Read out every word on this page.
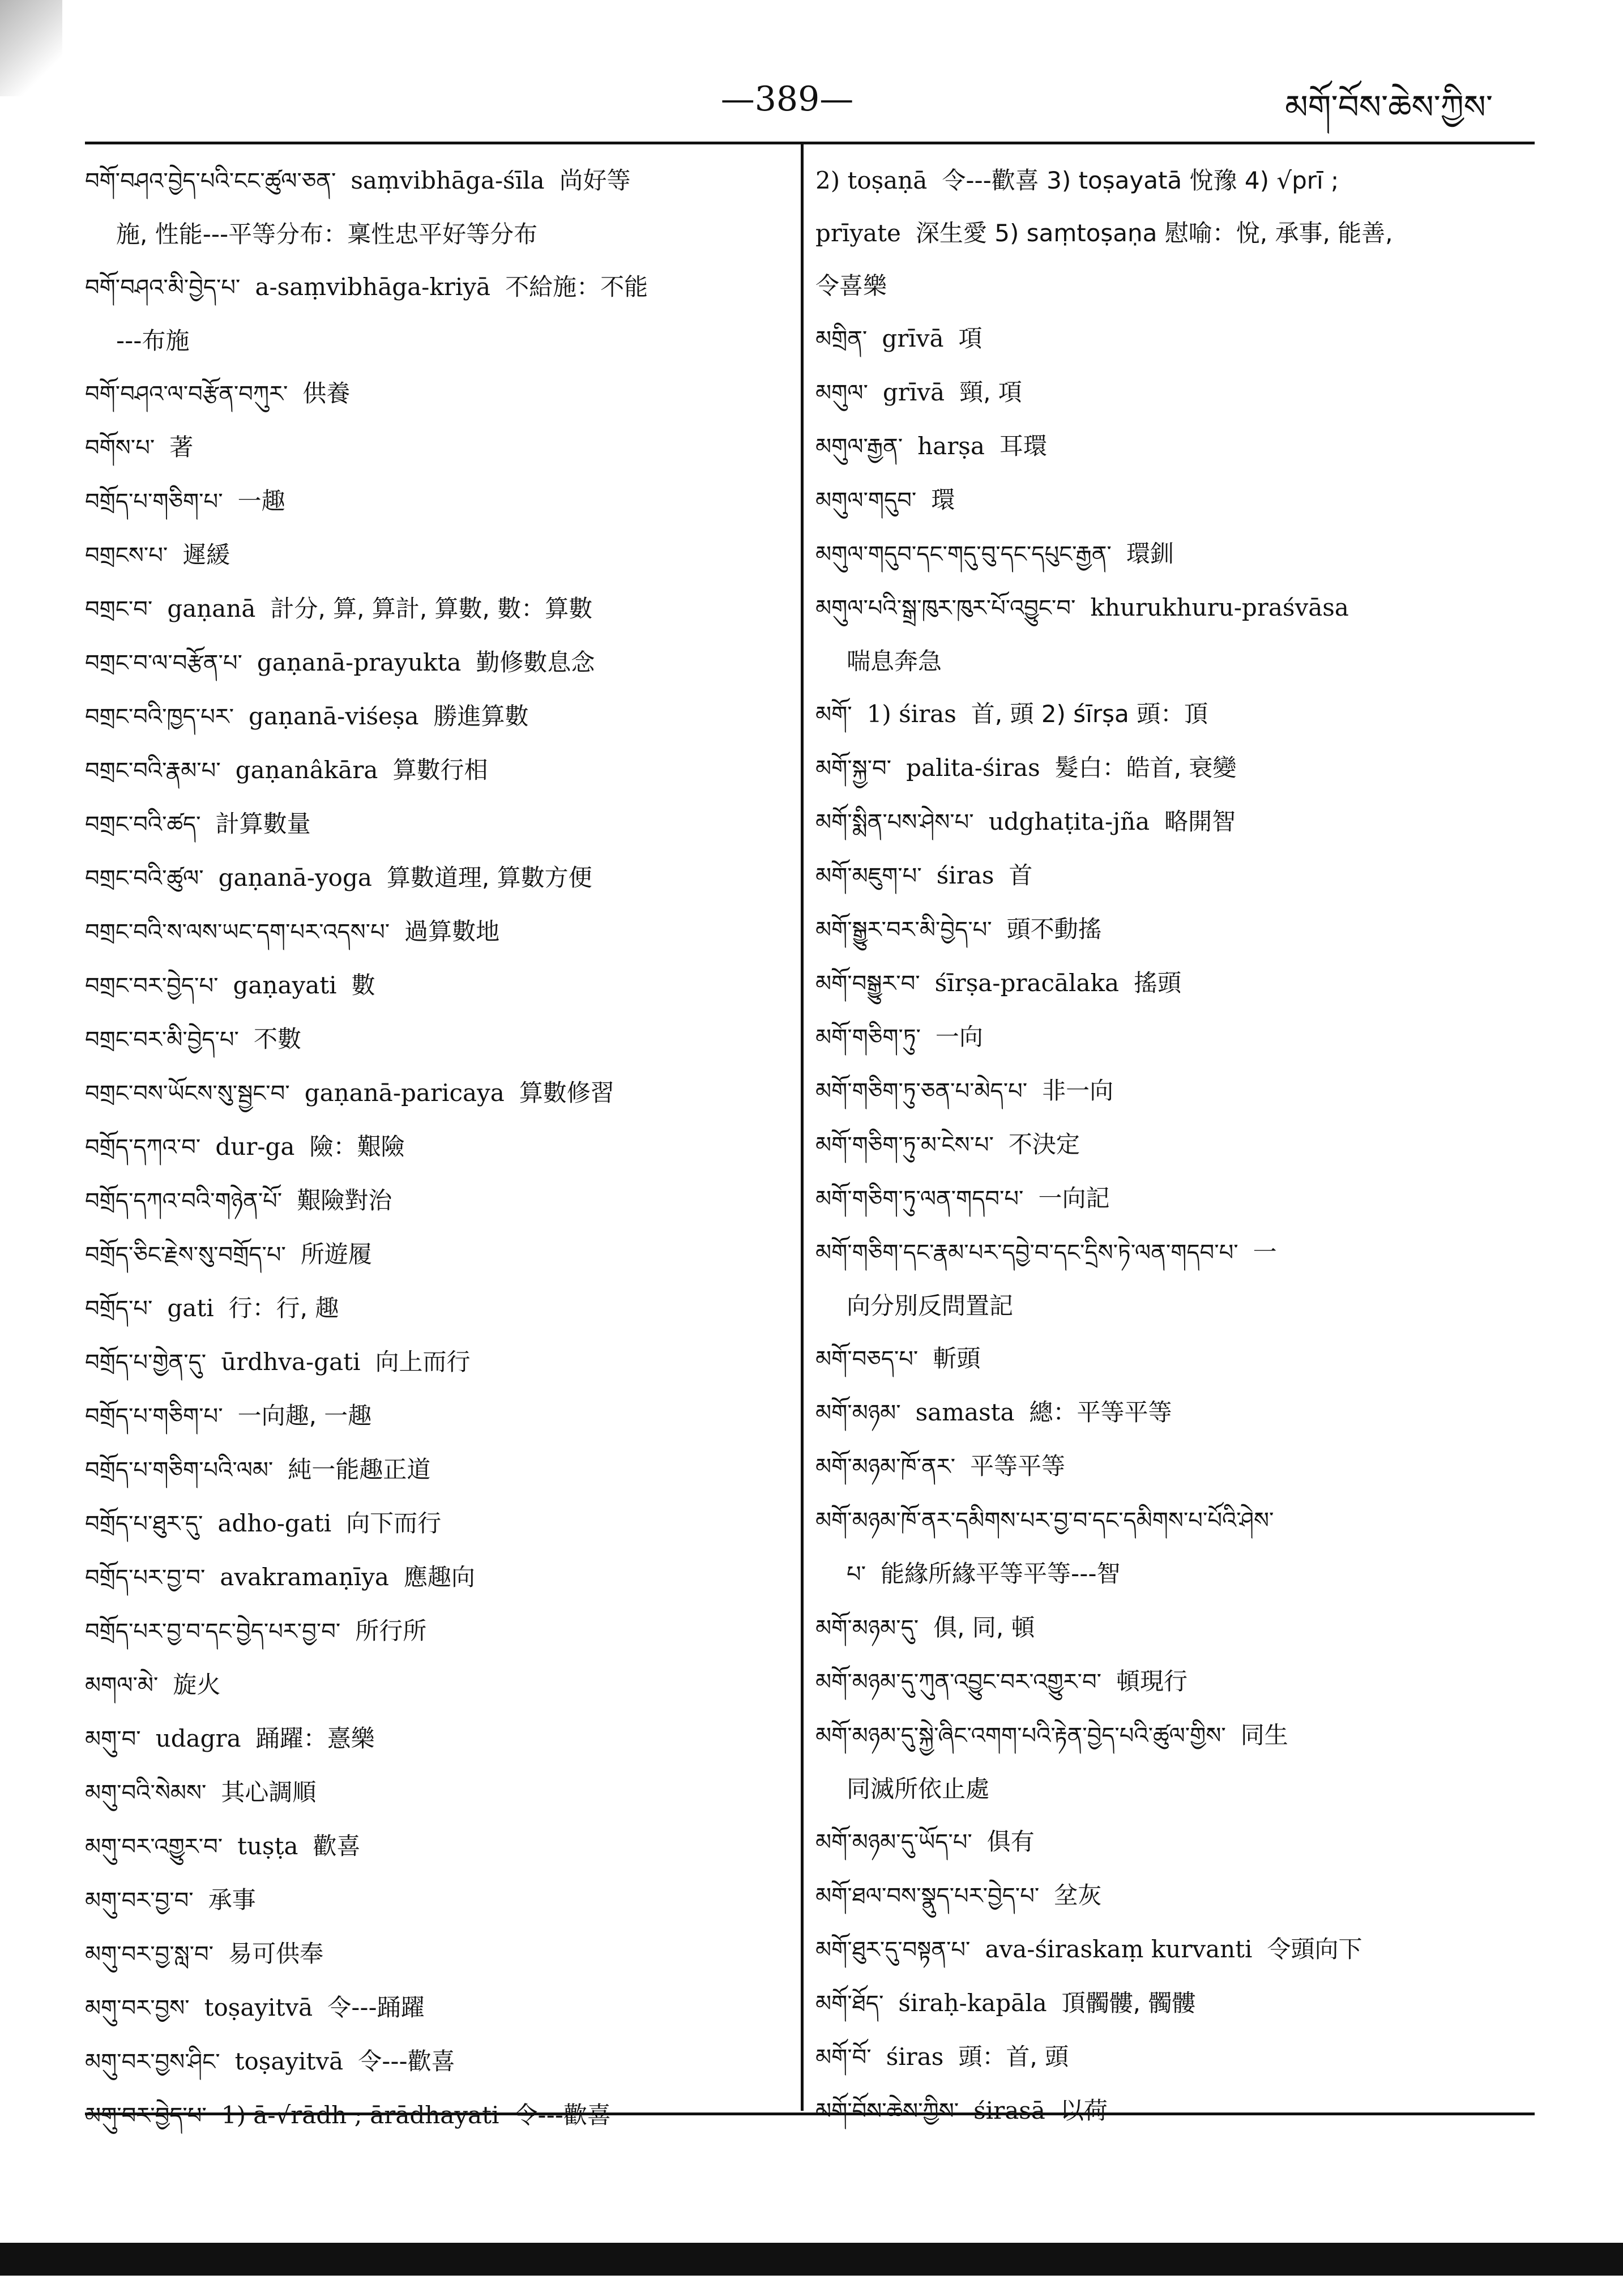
—389—	མགོ་བོས་ཆེས་ཀྱིས་
བགོ་བཤའ་བྱེད་པའི་ངང་ཚུལ་ཅན་ saṃvibhāga-śīla 尚好等
施, 性能---平等分布：稟性忠平好等分布
བགོ་བཤའ་མི་བྱེད་པ་ a-saṃvibhāga-kriyā 不給施：不能
---布施
བགོ་བཤའ་ལ་བརྩོན་བཀུར་ 供養
བགོས་པ་ 著
བགྲོད་པ་གཅིག་པ་ 一趣
བགྲངས་པ་ 遲緩
བགྲང་བ་ gaṇanā 計分, 算, 算計, 算數, 數：算數
བགྲང་བ་ལ་བརྩོན་པ་ gaṇanā-prayukta 勤修數息念
བགྲང་བའི་ཁྱད་པར་ gaṇanā-viśeṣa 勝進算數
བགྲང་བའི་རྣམ་པ་ gaṇanâkāra 算數行相
བགྲང་བའི་ཚད་ 計算數量
བགྲང་བའི་ཚུལ་ gaṇanā-yoga 算數道理, 算數方便
བགྲང་བའི་ས་ལས་ཡང་དག་པར་འདས་པ་ 過算數地
བགྲང་བར་བྱེད་པ་ gaṇayati 數
བགྲང་བར་མི་བྱེད་པ་ 不數
བགྲང་བས་ཡོངས་སུ་སྦྱང་བ་ gaṇanā-paricaya 算數修習
བགྲོད་དཀའ་བ་ dur-ga 險：艱險
བགྲོད་དཀའ་བའི་གཉེན་པོ་ 艱險對治
བགྲོད་ཅིང་རྗེས་སུ་བགྲོད་པ་ 所遊履
བགྲོད་པ་ gati 行：行, 趣
བགྲོད་པ་གྱེན་དུ་ ūrdhva-gati 向上而行
བགྲོད་པ་གཅིག་པ་ 一向趣, 一趣
བགྲོད་པ་གཅིག་པའི་ལམ་ 純一能趣正道
བགྲོད་པ་ཐུར་དུ་ adho-gati 向下而行
བགྲོད་པར་བྱ་བ་ avakramaṇīya 應趣向
བགྲོད་པར་བྱ་བ་དང་བྱེད་པར་བྱ་བ་ 所行所
མགལ་མེ་ 旋火
མགུ་བ་ udagra 踊躍：憙樂
མགུ་བའི་སེམས་ 其心調順
མགུ་བར་འགྱུར་བ་ tuṣṭa 歡喜
མགུ་བར་བྱ་བ་ 承事
མགུ་བར་བྱ་སླ་བ་ 易可供奉
མགུ་བར་བྱས་ toṣayitvā 令---踊躍
མགུ་བར་བྱས་ཤིང་ toṣayitvā 令---歡喜
མགུ་བར་བྱེད་པ་ 1) ā-√rādh ; ārādhayati 令---歡喜
2) toṣaṇā 令---歡喜 3) toṣayatā 悅豫 4) √prī ;
prīyate 深生愛 5) saṃtoṣaṇa 慰喻：悅, 承事, 能善,
令喜樂
མགྲིན་ grīvā 項
མགུལ་ grīvā 頸, 項
མགུལ་རྒྱན་ harṣa 耳環
མགུལ་གདུབ་ 環
མགུལ་གདུབ་དང་གདུ་བུ་དང་དཔུང་རྒྱན་ 環釧
མགུལ་པའི་སྒྲ་ཁུར་ཁུར་པོ་འབྱུང་བ་ khurukhuru-praśvāsa
喘息奔急
མགོ་ 1) śiras 首, 頭 2) śīrṣa 頭：頂
མགོ་སྐྱ་བ་ palita-śiras 髮白：皓首, 衰變
མགོ་སྨིན་པས་ཤེས་པ་ udghaṭita-jña 略開智
མགོ་མཇུག་པ་ śiras 首
མགོ་སྒྱུར་བར་མི་བྱེད་པ་ 頭不動搖
མགོ་བསྒྱུར་བ་ śīrṣa-pracālaka 搖頭
མགོ་གཅིག་ཏུ་ 一向
མགོ་གཅིག་ཏུ་ཅན་པ་མེད་པ་ 非一向
མགོ་གཅིག་ཏུ་མ་ངེས་པ་ 不決定
མགོ་གཅིག་ཏུ་ལན་གདབ་པ་ 一向記
མགོ་གཅིག་དང་རྣམ་པར་དབྱེ་བ་དང་དྲིས་ཏེ་ལན་གདབ་པ་ 一
向分別反問置記
མགོ་བཅད་པ་ 斬頭
མགོ་མཉམ་ samasta 總：平等平等
མགོ་མཉམ་ཁོ་ནར་ 平等平等
མགོ་མཉམ་ཁོ་ནར་དམིགས་པར་བྱ་བ་དང་དམིགས་པ་པོའི་ཤེས་
པ་ 能緣所緣平等平等---智
མགོ་མཉམ་དུ་ 俱, 同, 頓
མགོ་མཉམ་དུ་ཀུན་འབྱུང་བར་འགྱུར་བ་ 頓現行
མགོ་མཉམ་དུ་སྐྱེ་ཞིང་འགག་པའི་རྟེན་བྱེད་པའི་ཚུལ་གྱིས་ 同生
同滅所依止處
མགོ་མཉམ་དུ་ཡོད་པ་ 俱有
མགོ་ཐལ་བས་སྣུད་པར་བྱེད་པ་ 坌灰
མགོ་ཐུར་དུ་བསྟན་པ་ ava-śiraskaṃ kurvanti 令頭向下
མགོ་ཐོད་ śiraḥ-kapāla 頂髑髏, 髑髏
མགོ་བོ་ śiras 頭：首, 頭
མགོ་བོས་ཆེས་ཀྱིས་ śirasā 以荷
